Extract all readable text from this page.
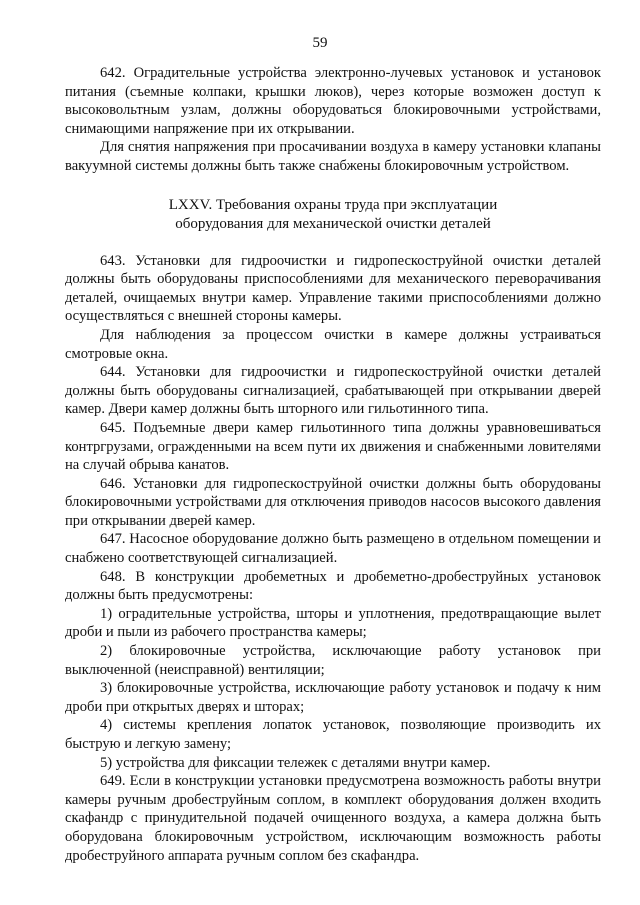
59

642. Оградительные устройства электронно-лучевых установок и установок питания (съемные колпаки, крышки люков), через которые возможен доступ к высоковольтным узлам, должны оборудоваться блокировочными устройствами, снимающими напряжение при их открывании.

Для снятия напряжения при просачивании воздуха в камеру установки клапаны вакуумной системы должны быть также снабжены блокировочным устройством.

LXXV. Требования охраны труда при эксплуатации
оборудования для механической очистки деталей

643. Установки для гидроочистки и гидропескоструйной очистки деталей должны быть оборудованы приспособлениями для механического переворачивания деталей, очищаемых внутри камер. Управление такими приспособлениями должно осуществляться с внешней стороны камеры.

Для наблюдения за процессом очистки в камере должны устраиваться смотровые окна.

644. Установки для гидроочистки и гидропескоструйной очистки деталей должны быть оборудованы сигнализацией, срабатывающей при открывании дверей камер. Двери камер должны быть шторного или гильотинного типа.

645. Подъемные двери камер гильотинного типа должны уравновешиваться контргрузами, огражденными на всем пути их движения и снабженными ловителями на случай обрыва канатов.

646. Установки для гидропескоструйной очистки должны быть оборудованы блокировочными устройствами для отключения приводов насосов высокого давления при открывании дверей камер.

647. Насосное оборудование должно быть размещено в отдельном помещении и снабжено соответствующей сигнализацией.

648. В конструкции дробеметных и дробеметно-дробеструйных установок должны быть предусмотрены:

1) оградительные устройства, шторы и уплотнения, предотвращающие вылет дроби и пыли из рабочего пространства камеры;

2) блокировочные устройства, исключающие работу установок при выключенной (неисправной) вентиляции;

3) блокировочные устройства, исключающие работу установок и подачу к ним дроби при открытых дверях и шторах;

4) системы крепления лопаток установок, позволяющие производить их быструю и легкую замену;

5) устройства для фиксации тележек с деталями внутри камер.

649. Если в конструкции установки предусмотрена возможность работы внутри камеры ручным дробеструйным соплом, в комплект оборудования должен входить скафандр с принудительной подачей очищенного воздуха, а камера должна быть оборудована блокировочным устройством, исключающим возможность работы дробеструйного аппарата ручным соплом без скафандра.
